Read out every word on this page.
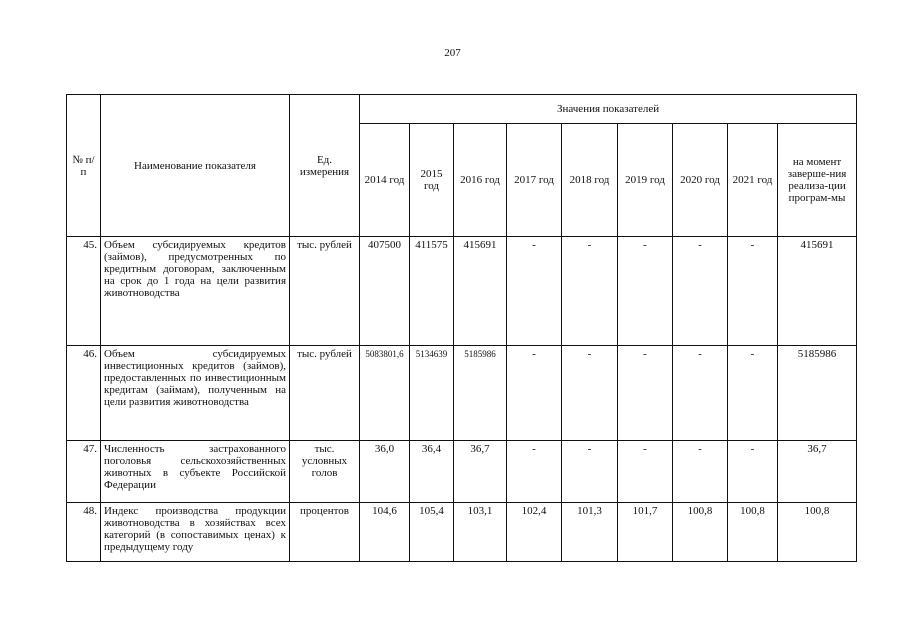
207
№ п/п	Наименование показателя	Ед. измерения	Значения показателей								
			2014 год	2015 год	2016 год	2017 год	2018 год	2019 год	2020 год	2021 год	на момент заверше-ния реализа-ции програм-мы
45.	Объем субсидируемых кредитов (займов), предусмотренных по кредитным договорам, заключенным на срок до 1 года на цели развития животноводства	тыс. рублей	407500	411575	415691	-	-	-	-	-	415691
46.	Объем субсидируемых инвестиционных кредитов (займов), предоставленных по инвестиционным кредитам (займам), полученным на цели развития животноводства	тыс. рублей	5083801,6	5134639	5185986	-	-	-	-	-	5185986
47.	Численность застрахованного поголовья сельскохозяйственных животных в субъекте Российской Федерации	тыс. условных голов	36,0	36,4	36,7	-	-	-	-	-	36,7
48.	Индекс производства продукции животноводства в хозяйствах всех категорий (в сопоставимых ценах) к предыдущему году	процентов	104,6	105,4	103,1	102,4	101,3	101,7	100,8	100,8	100,8
